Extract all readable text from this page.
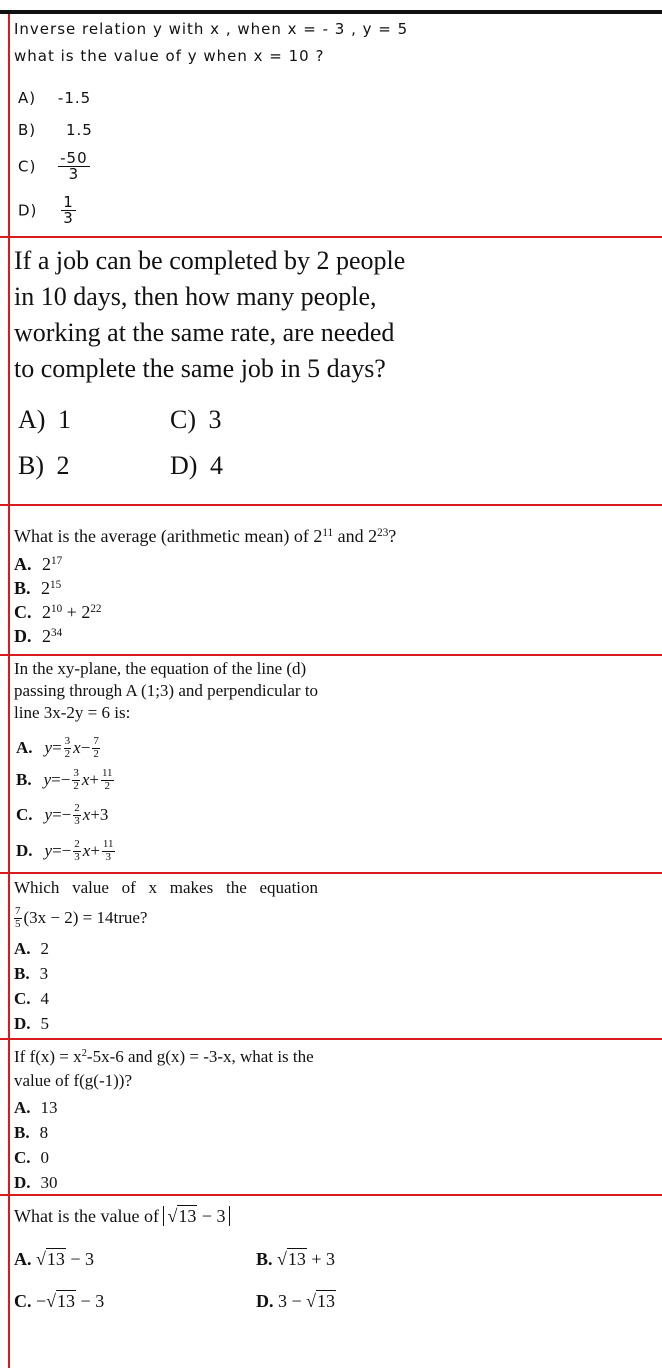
Inverse relation y with x , when x = - 3 , y = 5
what is the value of y when x = 10 ?
A) -1.5
B) 1.5
$C) \frac{-50}{3}$
$D) \frac{1}{3}$
If a job can be completed by 2 people
in 10 days, then how many people,
working at the same rate, are needed
to complete the same job in 5 days?
A) 1	C) 3
B) 2	D) 4
What is the average (arithmetic mean) of $2^{11}$ and $2^{23}$?
A. $2^{17}$
B. $2^{15}$
C. $2^{10} + 2^{22}$
D. $2^{34}$
In the xy-plane, the equation of the line (d)
passing through A (1;3) and perpendicular to
line 3x-2y = 6 is:
A. $y = \frac{3}{2}$ $x - \frac{7}{2}$
B. y = − $\frac{3}{2}$ $x + \frac{11}{2}$
C. y = − $\frac{2}{3}$ x + 3
D. y = − $\frac{2}{3}$ $x + \frac{11}{3}$
Which   value   of   x   makes   the   equation
$\frac{7}{5} (3x - 2) = 14$ true?
A. 2
B. 3
C. 4
D. 5
If $f(x) = x^2-5x-6$ and g(x) = -3-x, what is the
value of f(g(-1))?
A. 13
B. 8
C. 0
D. 30
What is the value of √13 − 3
A. √13 − 3	B. √13 + 3
C. −√13 − 3	D. 3 − √13
